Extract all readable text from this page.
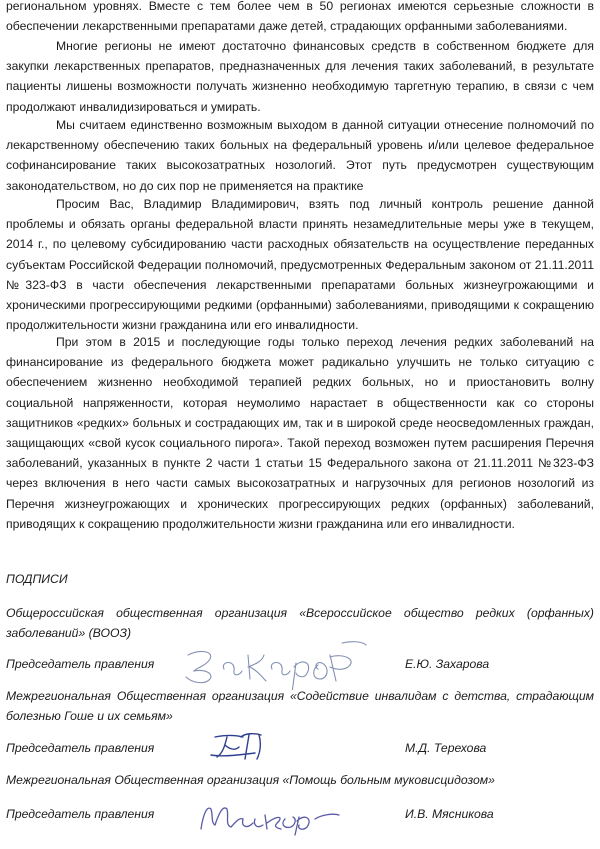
региональном уровнях. Вместе с тем более чем в 50 регионах имеются серьезные сложности в обеспечении лекарственными препаратами даже детей, страдающих орфанными заболеваниями.

Многие регионы не имеют достаточно финансовых средств в собственном бюджете для закупки лекарственных препаратов, предназначенных для лечения таких заболеваний, в результате пациенты лишены возможности получать жизненно необходимую таргетную терапию, в связи с чем продолжают инвалидизироваться и умирать.

Мы считаем единственно возможным выходом в данной ситуации отнесение полномочий по лекарственному обеспечению таких больных на федеральный уровень и/или целевое федеральное софинансирование таких высокозатратных нозологий. Этот путь предусмотрен существующим законодательством, но до сих пор не применяется на практике

Просим Вас, Владимир Владимирович, взять под личный контроль решение данной проблемы и обязать органы федеральной власти принять незамедлительные меры уже в текущем, 2014 г., по целевому субсидированию части расходных обязательств на осуществление переданных субъектам Российской Федерации полномочий, предусмотренных Федеральным законом от 21.11.2011 №323-ФЗ в части обеспечения лекарственными препаратами больных жизнеугрожающими и хроническими прогрессирующими редкими (орфанными) заболеваниями, приводящими к сокращению продолжительности жизни гражданина или его инвалидности.

При этом в 2015 и последующие годы только переход лечения редких заболеваний на финансирование из федерального бюджета может радикально улучшить не только ситуацию с обеспечением жизненно необходимой терапией редких больных, но и приостановить волну социальной напряженности, которая неумолимо нарастает в общественности как со стороны защитников «редких» больных и сострадающих им, так и в широкой среде неосведомленных граждан, защищающих «свой кусок социального пирога». Такой переход возможен путем расширения Перечня заболеваний, указанных в пункте 2 части 1 статьи 15 Федерального закона от 21.11.2011 №323-ФЗ через включения в него части самых высокозатратных и нагрузочных для регионов нозологий из Перечня жизнеугрожающих и хронических прогрессирующих редких (орфанных) заболеваний, приводящих к сокращению продолжительности жизни гражданина или его инвалидности.

ПОДПИСИ

Общероссийская общественная организация «Всероссийское общество редких (орфанных) заболеваний» (ВООЗ)

Председатель правления	Е.Ю. Захарова

Межрегиональная Общественная организация «Содействие инвалидам с детства, страдающим болезнью Гоше и их семьям»

Председатель правления	М.Д. Терехова

Межрегиональная Общественная организация «Помощь больным муковисцидозом»

Председатель правления	И.В. Мясникова
